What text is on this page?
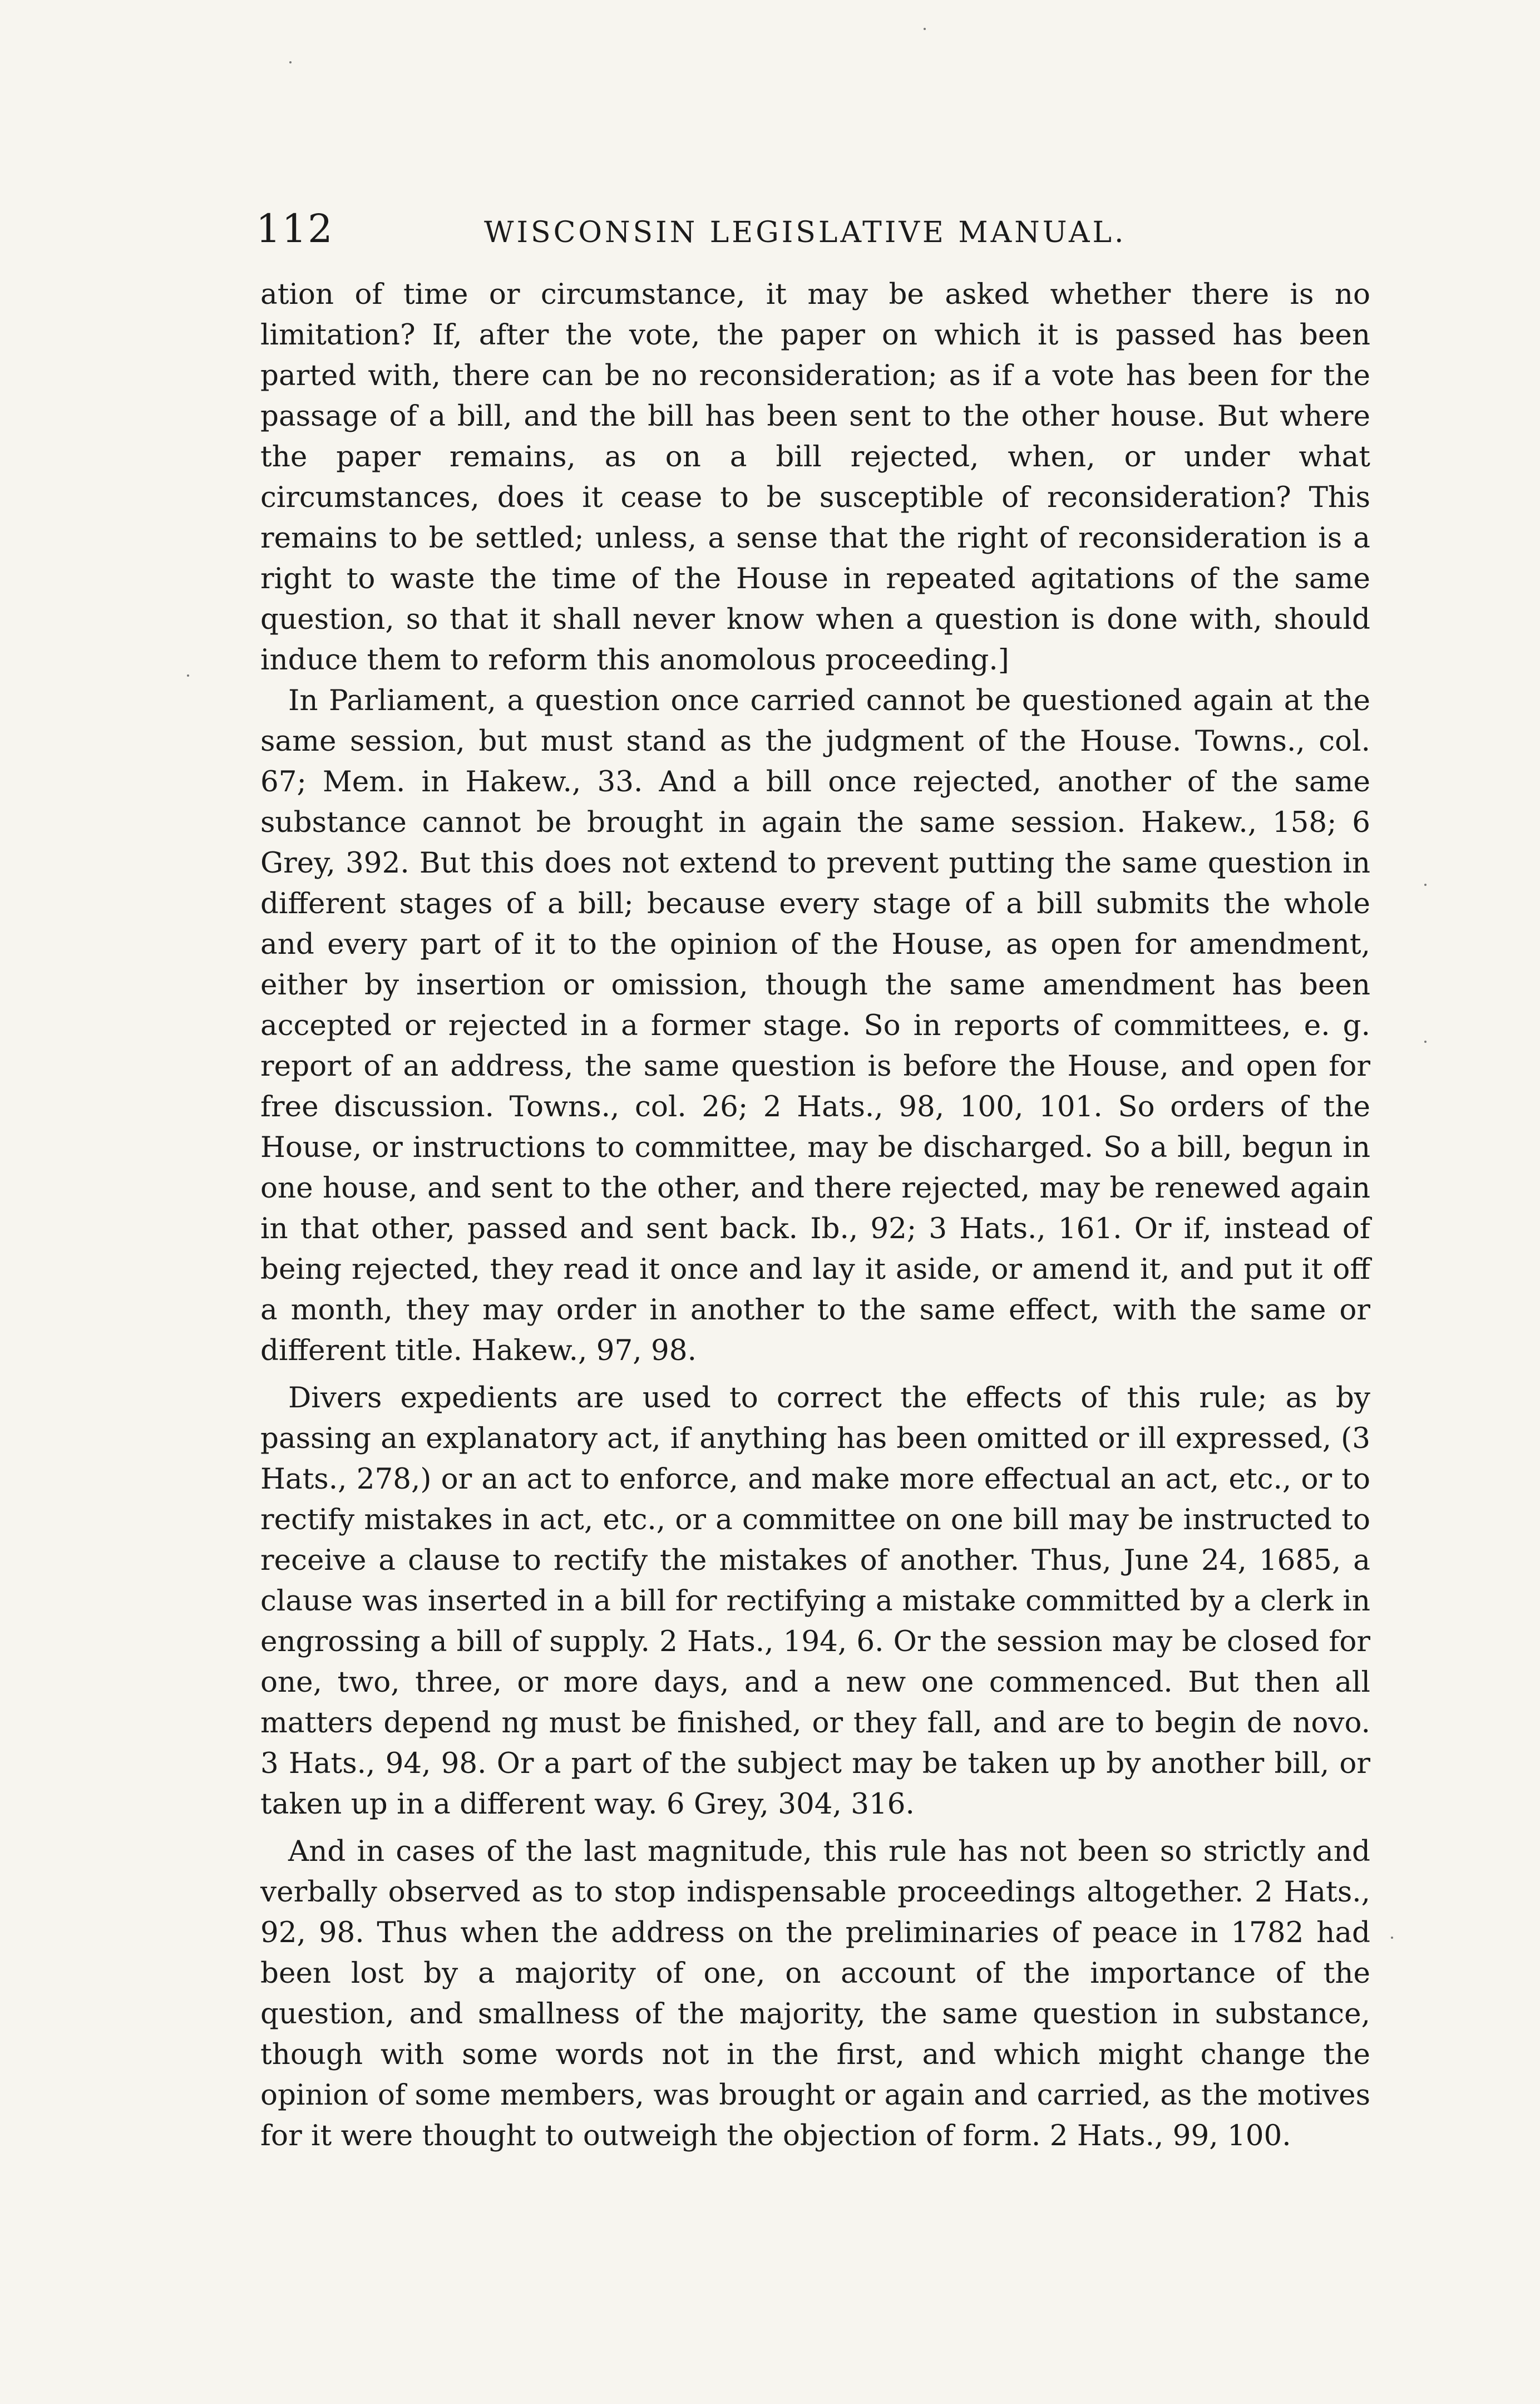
112	WISCONSIN LEGISLATIVE MANUAL.

ation of time or circumstance, it may be asked whether there is no limitation? If, after the vote, the paper on which it is passed has been parted with, there can be no reconsideration; as if a vote has been for the passage of a bill, and the bill has been sent to the other house. But where the paper remains, as on a bill rejected, when, or under what circumstances, does it cease to be susceptible of reconsideration? This remains to be settled; unless, a sense that the right of reconsideration is a right to waste the time of the House in repeated agitations of the same question, so that it shall never know when a question is done with, should induce them to reform this anomolous proceeding.]

In Parliament, a question once carried cannot be questioned again at the same session, but must stand as the judgment of the House. Towns., col. 67; Mem. in Hakew., 33. And a bill once rejected, another of the same substance cannot be brought in again the same session. Hakew., 158; 6 Grey, 392. But this does not extend to prevent putting the same question in different stages of a bill; because every stage of a bill submits the whole and every part of it to the opinion of the House, as open for amendment, either by insertion or omission, though the same amendment has been accepted or rejected in a former stage. So in reports of committees, e. g. report of an address, the same question is before the House, and open for free discussion. Towns., col. 26; 2 Hats., 98, 100, 101. So orders of the House, or instructions to committee, may be discharged. So a bill, begun in one house, and sent to the other, and there rejected, may be renewed again in that other, passed and sent back. Ib., 92; 3 Hats., 161. Or if, instead of being rejected, they read it once and lay it aside, or amend it, and put it off a month, they may order in another to the same effect, with the same or different title. Hakew., 97, 98.

Divers expedients are used to correct the effects of this rule; as by passing an explanatory act, if anything has been omitted or ill expressed, (3 Hats., 278,) or an act to enforce, and make more effectual an act, etc., or to rectify mistakes in act, etc., or a committee on one bill may be instructed to receive a clause to rectify the mistakes of another. Thus, June 24, 1685, a clause was inserted in a bill for rectifying a mistake committed by a clerk in engrossing a bill of supply. 2 Hats., 194, 6. Or the session may be closed for one, two, three, or more days, and a new one commenced. But then all matters depend ng must be finished, or they fall, and are to begin de novo. 3 Hats., 94, 98. Or a part of the subject may be taken up by another bill, or taken up in a different way. 6 Grey, 304, 316.

And in cases of the last magnitude, this rule has not been so strictly and verbally observed as to stop indispensable proceedings altogether. 2 Hats., 92, 98. Thus when the address on the preliminaries of peace in 1782 had been lost by a majority of one, on account of the importance of the question, and smallness of the majority, the same question in substance, though with some words not in the first, and which might change the opinion of some members, was brought or again and carried, as the motives for it were thought to outweigh the objection of form. 2 Hats., 99, 100.
